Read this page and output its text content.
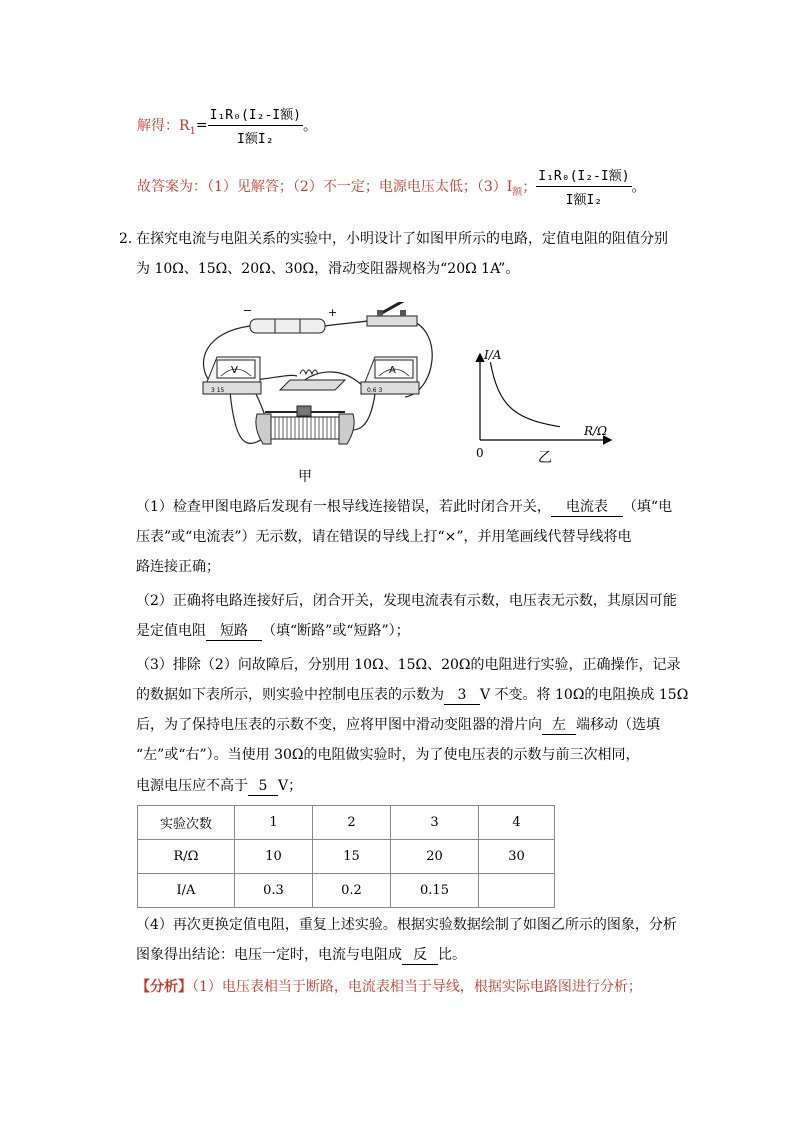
解得：$R_1= \frac{\text{I₁R₀(I₂-I额)}}{\text{I额I₂}}$ 。
故答案为：（1）见解答；（2）不一定；电源电压太低；$(3)I_额$； $\frac{\text{I₁R₀(I₂-I额)}}{\text{I额I₂}}$ 。
2．
在探究电流与电阻关系的实验中，小明设计了如图甲所示的电路，定值电阻的阻值分别
为 10Ω、15Ω、20Ω、30Ω，滑动变阻器规格为“20Ω 1A”。
−	+
V
3 15
A
0.6 3
甲
I/A
R/Ω
0	乙
（1）检查甲图电路后发现有一根导线连接错误，若此时闭合开关， 电流表 （填“电
压表”或“电流表”）无示数，请在错误的导线上打“×”，并用笔画线代替导线将电
路连接正确；
（2）正确将电路连接好后，闭合开关，发现电流表有示数，电压表无示数，其原因可能
是定值电阻 短路 （填“断路”或“短路”）；
（3）排除（2）问故障后，分别用 10Ω、15Ω、20Ω的电阻进行实验，正确操作，记录
的数据如下表所示，则实验中控制电压表的示数为 3 V 不变。将 10Ω的电阻换成 15Ω
后，为了保持电压表的示数不变，应将甲图中滑动变阻器的滑片向 左 端移动（选填
“左”或“右”）。当使用 30Ω的电阻做实验时，为了使电压表的示数与前三次相同，
电源电压应不高于 5 V；
实验次数	1	2	3	4
R/Ω	10	15	20	30
I/A	0.3	0.2	0.15	
（4）再次更换定值电阻，重复上述实验。根据实验数据绘制了如图乙所示的图象，分析
图象得出结论：电压一定时，电流与电阻成 反 比。
【分析】（1）电压表相当于断路，电流表相当于导线，根据实际电路图进行分析；
